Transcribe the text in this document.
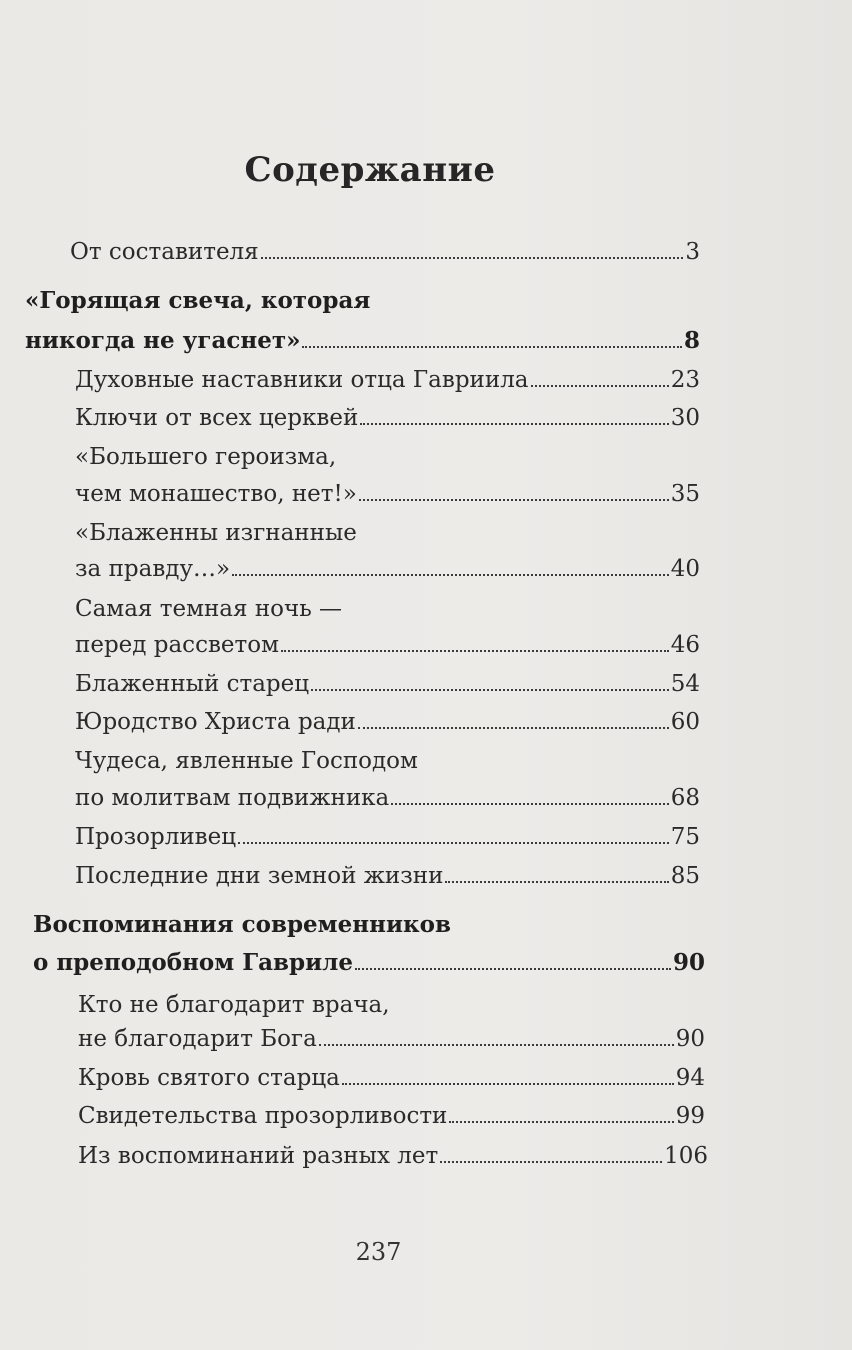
Содержание
От составителя	3
«Горящая свеча, которая
никогда не угаснет»	8
Духовные наставники отца Гавриила	23
Ключи от всех церквей	30
«Большего героизма,
чем монашество, нет!»	35
«Блаженны изгнанные
за правду…»	40
Самая темная ночь —
перед рассветом	46
Блаженный старец	54
Юродство Христа ради	60
Чудеса, явленные Господом
по молитвам подвижника	68
Прозорливец	75
Последние дни земной жизни	85
Воспоминания современников
о преподобном Гавриле	90
Кто не благодарит врача,
не благодарит Бога	90
Кровь святого старца	94
Свидетельства прозорливости	99
Из воспоминаний разных лет	106
237
